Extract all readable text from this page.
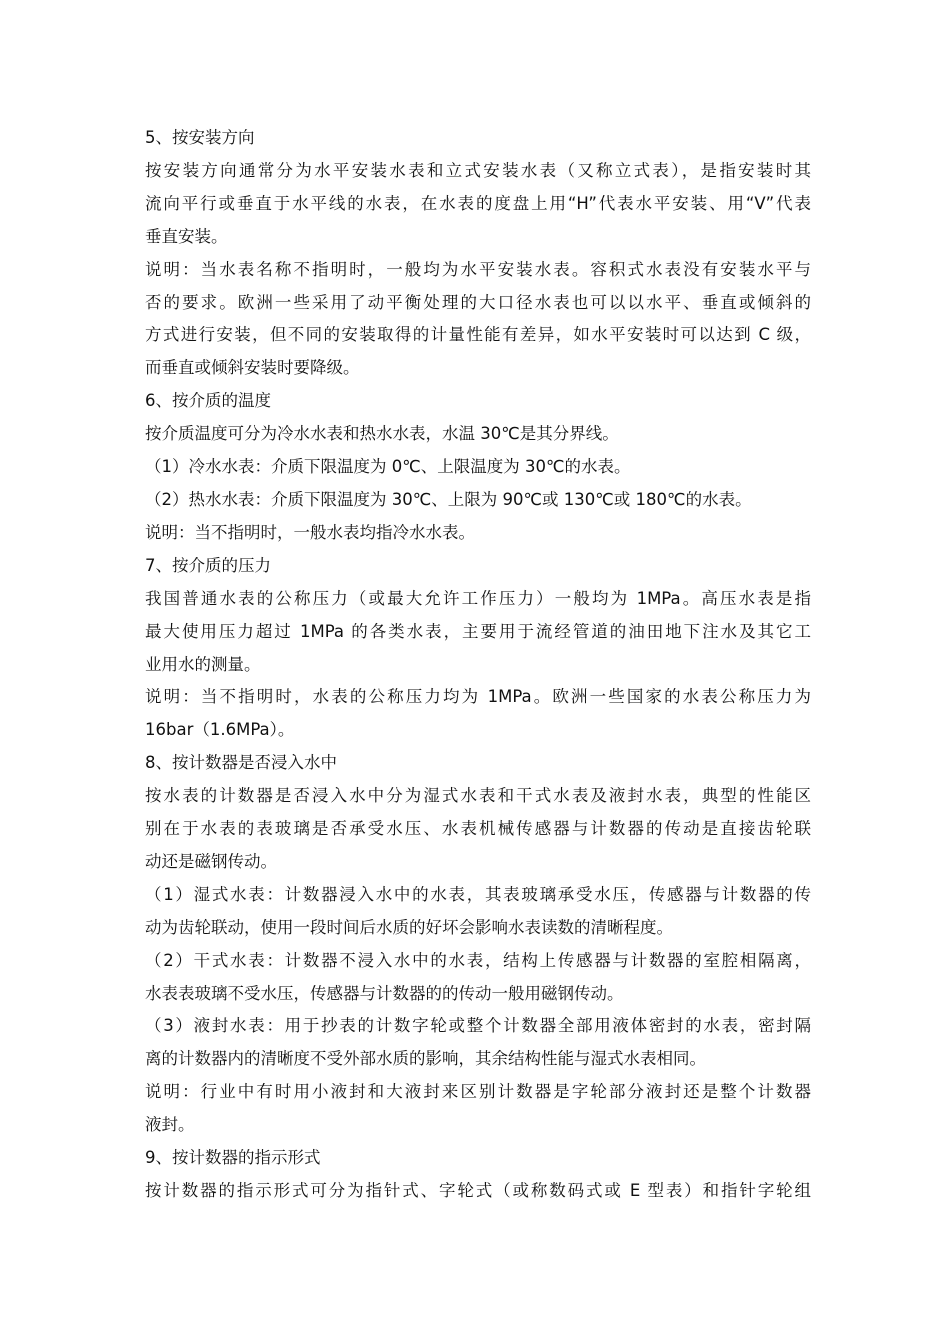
5、按安装方向
按安装方向通常分为水平安装水表和立式安装水表（又称立式表），是指安装时其
流向平行或垂直于水平线的水表，在水表的度盘上用“H”代表水平安装、用“V”代表
垂直安装。
说明：当水表名称不指明时，一般均为水平安装水表。容积式水表没有安装水平与
否的要求。欧洲一些采用了动平衡处理的大口径水表也可以以水平、垂直或倾斜的
方式进行安装，但不同的安装取得的计量性能有差异，如水平安装时可以达到 C 级，
而垂直或倾斜安装时要降级。
6、按介质的温度
按介质温度可分为冷水水表和热水水表，水温 30℃是其分界线。
（1）冷水水表：介质下限温度为 0℃、上限温度为 30℃的水表。
（2）热水水表：介质下限温度为 30℃、上限为 90℃或 130℃或 180℃的水表。
说明：当不指明时，一般水表均指冷水水表。
7、按介质的压力
我国普通水表的公称压力（或最大允许工作压力）一般均为 1MPa。高压水表是指
最大使用压力超过 1MPa 的各类水表，主要用于流经管道的油田地下注水及其它工
业用水的测量。
说明：当不指明时，水表的公称压力均为 1MPa。欧洲一些国家的水表公称压力为
16bar（1.6MPa）。
8、按计数器是否浸入水中
按水表的计数器是否浸入水中分为湿式水表和干式水表及液封水表，典型的性能区
别在于水表的表玻璃是否承受水压、水表机械传感器与计数器的传动是直接齿轮联
动还是磁钢传动。
（1）湿式水表：计数器浸入水中的水表，其表玻璃承受水压，传感器与计数器的传
动为齿轮联动，使用一段时间后水质的好坏会影响水表读数的清晰程度。
（2）干式水表：计数器不浸入水中的水表，结构上传感器与计数器的室腔相隔离，
水表表玻璃不受水压，传感器与计数器的的传动一般用磁钢传动。
（3）液封水表：用于抄表的计数字轮或整个计数器全部用液体密封的水表，密封隔
离的计数器内的清晰度不受外部水质的影响，其余结构性能与湿式水表相同。
说明：行业中有时用小液封和大液封来区别计数器是字轮部分液封还是整个计数器
液封。
9、按计数器的指示形式
按计数器的指示形式可分为指针式、字轮式（或称数码式或 E 型表）和指针字轮组
